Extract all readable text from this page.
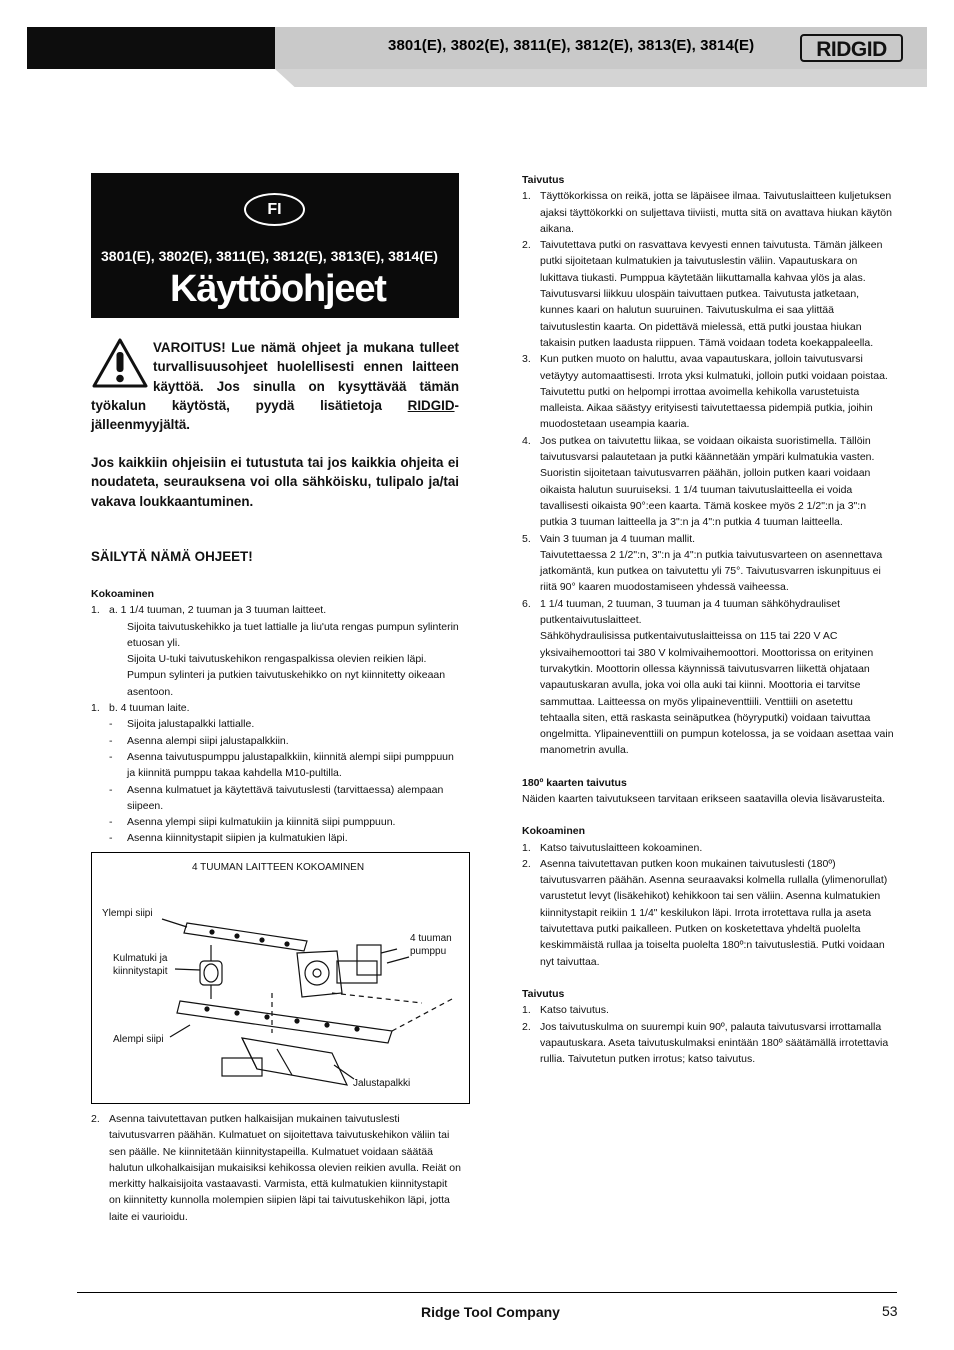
3801(E), 3802(E), 3811(E), 3812(E), 3813(E), 3814(E)	RIDGID
FI
3801(E), 3802(E), 3811(E), 3812(E), 3813(E), 3814(E)
Käyttöohjeet
VAROITUS! Lue nämä ohjeet ja mukana tulleet turvallisuusohjeet huolellisesti ennen laitteen käyttöä. Jos sinulla on kysyttävää tämän työkalun käytöstä, pyydä lisätietoja RIDGID-jälleenmyyjältä.
Jos kaikkiin ohjeisiin ei tutustuta tai jos kaikkia ohjeita ei noudateta, seurauksena voi olla sähköisku, tulipalo ja/tai vakava loukkaantuminen.
SÄILYTÄ NÄMÄ OHJEET!
Kokoaminen
1. a. 1 1/4 tuuman, 2 tuuman ja 3 tuuman laitteet.
Sijoita taivutuskehikko ja tuet lattialle ja liu'uta rengas pumpun sylinterin etuosan yli.
Sijoita U-tuki taivutuskehikon rengaspalkissa olevien reikien läpi. Pumpun sylinteri ja putkien taivutuskehikko on nyt kiinnitetty oikeaan asentoon.
1. b. 4 tuuman laite.
-	Sijoita jalustapalkki lattialle.
-	Asenna alempi siipi jalustapalkkiin.
-	Asenna taivutuspumppu jalustapalkkiin, kiinnitä alempi siipi pumppuun ja kiinnitä pumppu takaa kahdella M10-pultilla.
-	Asenna kulmatuet ja käytettävä taivutuslesti (tarvittaessa) alempaan siipeen.
-	Asenna ylempi siipi kulmatukiin ja kiinnitä siipi pumppuun.
-	Asenna kiinnitystapit siipien ja kulmatukien läpi.
4 TUUMAN LAITTEEN KOKOAMINEN
Ylempi siipi
Kulmatuki ja kiinnitystapit
Alempi siipi
4 tuuman pumppu
Jalustapalkki
2. Asenna taivutettavan putken halkaisijan mukainen taivutuslesti taivutusvarren päähän. Kulmatuet on sijoitettava taivutuskehikon väliin tai sen päälle. Ne kiinnitetään kiinnitystapeilla. Kulmatuet voidaan säätää halutun ulkohalkaisijan mukaisiksi kehikossa olevien reikien avulla. Reiät on merkitty halkaisijoita vastaavasti. Varmista, että kulmatukien kiinnitystapit on kiinnitetty kunnolla molempien siipien läpi tai taivutuskehikon läpi, jotta laite ei vaurioidu.
Taivutus
1. Täyttökorkissa on reikä, jotta se läpäisee ilmaa. Taivutuslaitteen kuljetuksen ajaksi täyttökorkki on suljettava tiiviisti, mutta sitä on avattava hiukan käytön aikana.
2. Taivutettava putki on rasvattava kevyesti ennen taivutusta. Tämän jälkeen putki sijoitetaan kulmatukien ja taivutuslestin väliin. Vapautuskara on lukittava tiukasti. Pumppua käytetään liikuttamalla kahvaa ylös ja alas. Taivutusvarsi liikkuu ulospäin taivuttaen putkea. Taivutusta jatketaan, kunnes kaari on halutun suuruinen. Taivutuskulma ei saa ylittää taivutuslestin kaarta. On pidettävä mielessä, että putki joustaa hiukan takaisin putken laadusta riippuen. Tämä voidaan todeta koekappaleella.
3. Kun putken muoto on haluttu, avaa vapautuskara, jolloin taivutusvarsi vetäytyy automaattisesti. Irrota yksi kulmatuki, jolloin putki voidaan poistaa. Taivutettu putki on helpompi irrottaa avoimella kehikolla varustetuista malleista. Aikaa säästyy erityisesti taivutettaessa pidempiä putkia, joihin muodostetaan useampia kaaria.
4. Jos putkea on taivutettu liikaa, se voidaan oikaista suoristimella. Tällöin taivutusvarsi palautetaan ja putki käännetään ympäri kulmatukia vasten. Suoristin sijoitetaan taivutusvarren päähän, jolloin putken kaari voidaan oikaista halutun suuruiseksi. 1 1/4 tuuman taivutuslaitteella ei voida tavallisesti oikaista 90°:een kaarta. Tämä koskee myös 2 1/2":n ja 3":n putkia 3 tuuman laitteella ja 3":n ja 4":n putkia 4 tuuman laitteella.
5. Vain 3 tuuman ja 4 tuuman mallit.
Taivutettaessa 2 1/2":n, 3":n ja 4":n putkia taivutusvarteen on asennettava jatkomäntä, kun putkea on taivutettu yli 75°. Taivutusvarren iskunpituus ei riitä 90° kaaren muodostamiseen yhdessä vaiheessa.
6. 1 1/4 tuuman, 2 tuuman, 3 tuuman ja 4 tuuman sähköhydrauliset putkentaivutuslaitteet.
Sähköhydraulisissa putkentaivutuslaitteissa on 115 tai 220 V AC yksivaihemoottori tai 380 V kolmivaihemoottori. Moottorissa on erityinen turvakytkin. Moottorin ollessa käynnissä taivutusvarren liikettä ohjataan vapautuskaran avulla, joka voi olla auki tai kiinni. Moottoria ei tarvitse sammuttaa. Laitteessa on myös ylipaineventtiili. Venttiili on asetettu tehtaalla siten, että raskasta seinäputkea (höyryputki) voidaan taivuttaa ongelmitta. Ylipaineventtiili on pumpun kotelossa, ja se voidaan asettaa vain manometrin avulla.
180º kaarten taivutus
Näiden kaarten taivutukseen tarvitaan erikseen saatavilla olevia lisävarusteita.
Kokoaminen
1. Katso taivutuslaitteen kokoaminen.
2. Asenna taivutettavan putken koon mukainen taivutuslesti (180º) taivutusvarren päähän. Asenna seuraavaksi kolmella rullalla (ylimenorullat) varustetut levyt (lisäkehikot) kehikkoon tai sen väliin. Asenna kulmatukien kiinnitystapit reikiin 1 1/4" keskilukon läpi. Irrota irrotettava rulla ja aseta taivutettava putki paikalleen. Putken on kosketettava yhdeltä puolelta keskimmäistä rullaa ja toiselta puolelta 180º:n taivutuslestiä. Putki voidaan nyt taivuttaa.
Taivutus
1. Katso taivutus.
2. Jos taivutuskulma on suurempi kuin 90º, palauta taivutusvarsi irrottamalla vapautuskara. Aseta taivutuskulmaksi enintään 180º säätämällä irrotettavia rullia. Taivutetun putken irrotus; katso taivutus.
Ridge Tool Company	53
